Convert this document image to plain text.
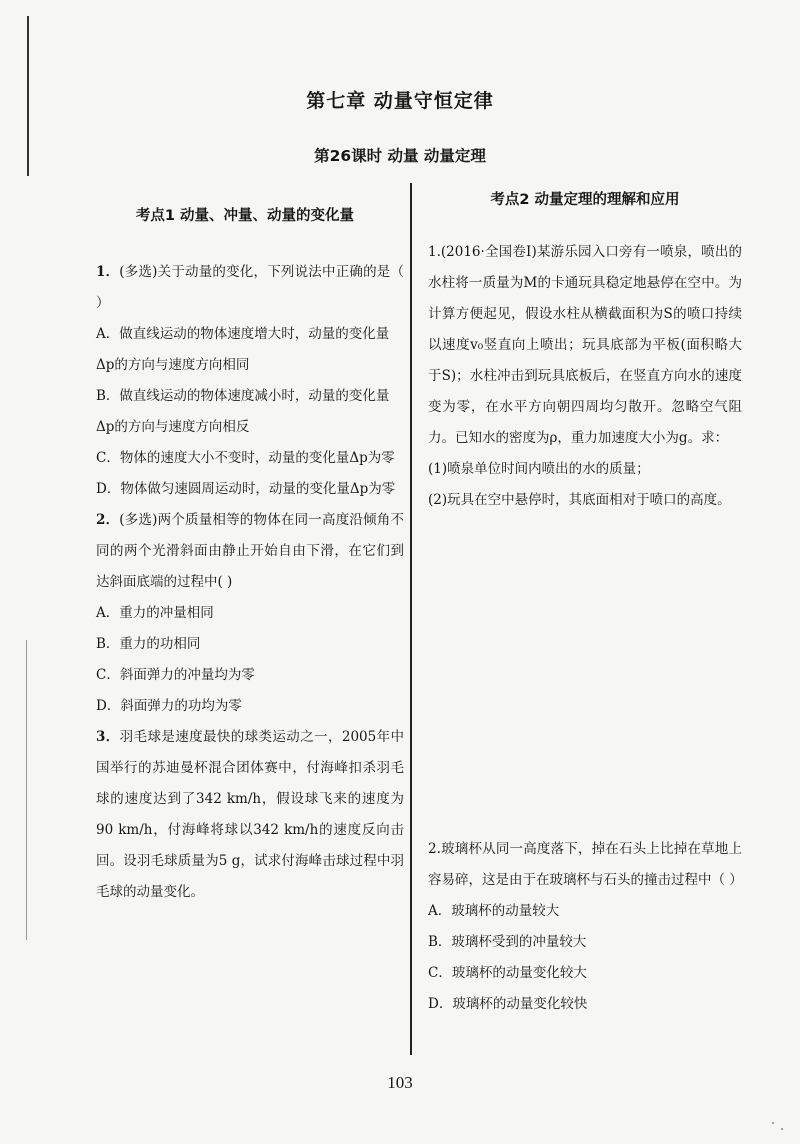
第七章 动量守恒定律
第26课时 动量 动量定理
考点1 动量、冲量、动量的变化量

1．(多选)关于动量的变化，下列说法中正确的是（ ）

A．做直线运动的物体速度增大时，动量的变化量Δp的方向与速度方向相同

B．做直线运动的物体速度减小时，动量的变化量Δp的方向与速度方向相反

C．物体的速度大小不变时，动量的变化量Δp为零

D．物体做匀速圆周运动时，动量的变化量Δp为零

2．(多选)两个质量相等的物体在同一高度沿倾角不同的两个光滑斜面由静止开始自由下滑，在它们到达斜面底端的过程中( )

A．重力的冲量相同

B．重力的功相同

C．斜面弹力的冲量均为零

D．斜面弹力的功均为零

3．羽毛球是速度最快的球类运动之一，2005年中国举行的苏迪曼杯混合团体赛中，付海峰扣杀羽毛球的速度达到了342 km/h，假设球飞来的速度为90 km/h，付海峰将球以342 km/h的速度反向击回。设羽毛球质量为5 g，试求付海峰击球过程中羽毛球的动量变化。

考点2 动量定理的理解和应用

1.(2016·全国卷Ⅰ)某游乐园入口旁有一喷泉，喷出的水柱将一质量为M的卡通玩具稳定地悬停在空中。为计算方便起见，假设水柱从横截面积为S的喷口持续以速度v₀竖直向上喷出；玩具底部为平板(面积略大于S)；水柱冲击到玩具底板后，在竖直方向水的速度变为零，在水平方向朝四周均匀散开。忽略空气阻力。已知水的密度为ρ，重力加速度大小为g。求：

(1)喷泉单位时间内喷出的水的质量；

(2)玩具在空中悬停时，其底面相对于喷口的高度。

2.玻璃杯从同一高度落下，掉在石头上比掉在草地上容易碎，这是由于在玻璃杯与石头的撞击过程中（ ）

A．玻璃杯的动量较大

B．玻璃杯受到的冲量较大

C．玻璃杯的动量变化较大

D．玻璃杯的动量变化较快

103
